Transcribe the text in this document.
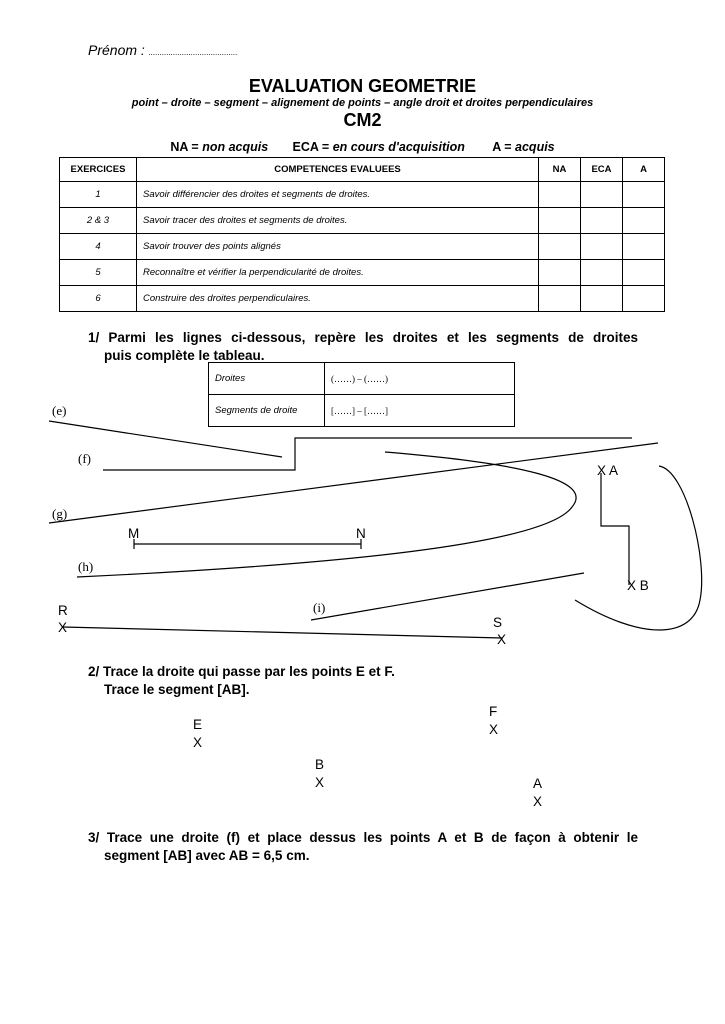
Prénom : ........................................
EVALUATION GEOMETRIE
point – droite – segment – alignement de points – angle droit et droites perpendiculaires
CM2
NA = non acquis ECA = en cours d'acquisition A = acquis
EXERCICES	COMPETENCES EVALUEES	NA	ECA	A
1	Savoir différencier des droites et segments de droites.			
2 & 3	Savoir tracer des droites et segments de droites.			
4	Savoir trouver des points alignés			
5	Reconnaître et vérifier la perpendicularité de droites.			
6	Construire des droites perpendiculaires.			
1/ Parmi les lignes ci-dessous, repère les droites et les segments de droites
puis complète le tableau.
Droites	(……) – (……)
Segments de droite	[……] – [……]
(e)
(f)
(g)
(h)
(i)
M	N
X A
X B
R
X	S
X
2/ Trace la droite qui passe par les points E et F.
Trace le segment [AB].
E
X
F
X
B
X	A
X
3/ Trace une droite (f) et place dessus les points A et B de façon à obtenir le
segment [AB] avec AB = 6,5 cm.
